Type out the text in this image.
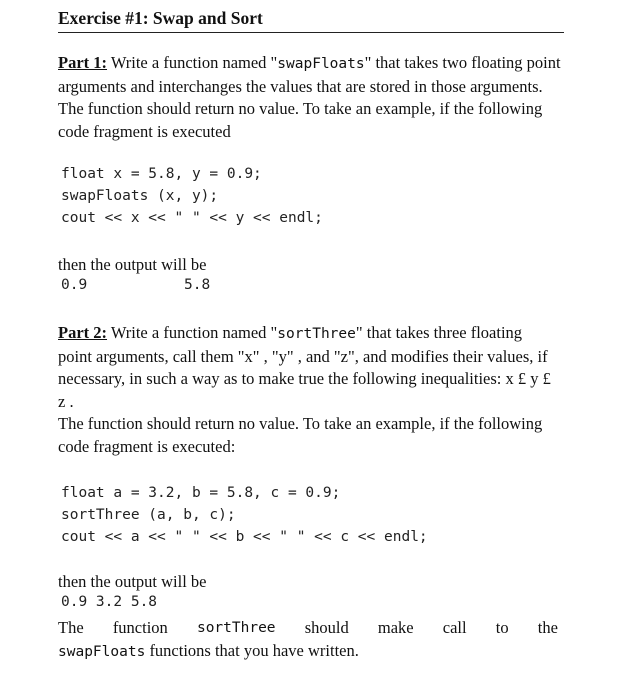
Exercise #1: Swap and Sort
Part 1: Write a function named "swapFloats" that takes two floating point arguments and interchanges the values that are stored in those arguments. The function should return no value. To take an example, if the following code fragment is executed
float x = 5.8, y = 0.9;
swapFloats (x, y);
cout << x << " " << y << endl;
then the output will be
0.9	5.8
Part 2: Write a function named "sortThree" that takes three floating point arguments, call them "x" , "y" , and "z", and modifies their values, if necessary, in such a way as to make true the following inequalities: x £ y £ z .
The function should return no value. To take an example, if the following code fragment is executed:
float a = 3.2, b = 5.8, c = 0.9;
sortThree (a, b, c);
cout << a << " " << b << " " << c << endl;
then the output will be
0.9 3.2 5.8
The function sortThree should make call to the
swapFloats functions that you have written.
